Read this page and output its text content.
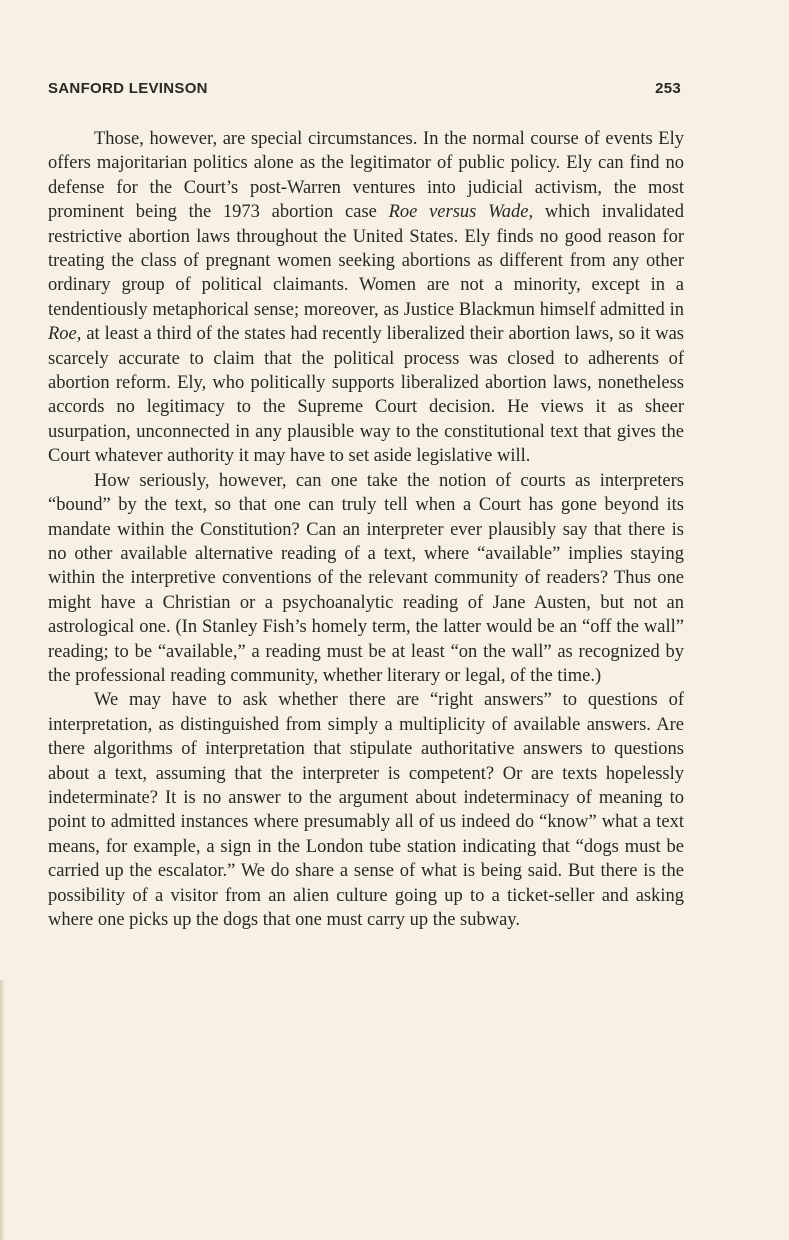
SANFORD LEVINSON	253

Those, however, are special circumstances. In the normal course of events Ely offers majoritarian politics alone as the legitimator of public policy. Ely can find no defense for the Court’s post-Warren ventures into judicial activism, the most prominent being the 1973 abortion case Roe versus Wade, which invalidated restrictive abortion laws throughout the United States. Ely finds no good reason for treating the class of pregnant women seeking abortions as different from any other ordinary group of political claimants. Women are not a minority, except in a tendentiously metaphorical sense; moreover, as Justice Blackmun himself admitted in Roe, at least a third of the states had recently liberalized their abortion laws, so it was scarcely accurate to claim that the political process was closed to adherents of abortion reform. Ely, who politically supports liberalized abortion laws, nonetheless accords no legitimacy to the Supreme Court decision. He views it as sheer usurpation, unconnected in any plausible way to the constitutional text that gives the Court whatever authority it may have to set aside legislative will.

How seriously, however, can one take the notion of courts as interpreters “bound” by the text, so that one can truly tell when a Court has gone beyond its mandate within the Constitution? Can an interpreter ever plausibly say that there is no other available alternative reading of a text, where “available” implies staying within the interpretive conventions of the relevant community of readers? Thus one might have a Christian or a psychoanalytic reading of Jane Austen, but not an astrological one. (In Stanley Fish’s homely term, the latter would be an “off the wall” reading; to be “available,” a reading must be at least “on the wall” as recognized by the professional reading community, whether literary or legal, of the time.)

We may have to ask whether there are “right answers” to questions of interpretation, as distinguished from simply a multiplicity of available answers. Are there algorithms of interpretation that stipulate authoritative answers to questions about a text, assuming that the interpreter is competent? Or are texts hopelessly indeterminate? It is no answer to the argument about indeterminacy of meaning to point to admitted instances where presumably all of us indeed do “know” what a text means, for example, a sign in the London tube station indicating that “dogs must be carried up the escalator.” We do share a sense of what is being said. But there is the possibility of a visitor from an alien culture going up to a ticket-seller and asking where one picks up the dogs that one must carry up the subway.
